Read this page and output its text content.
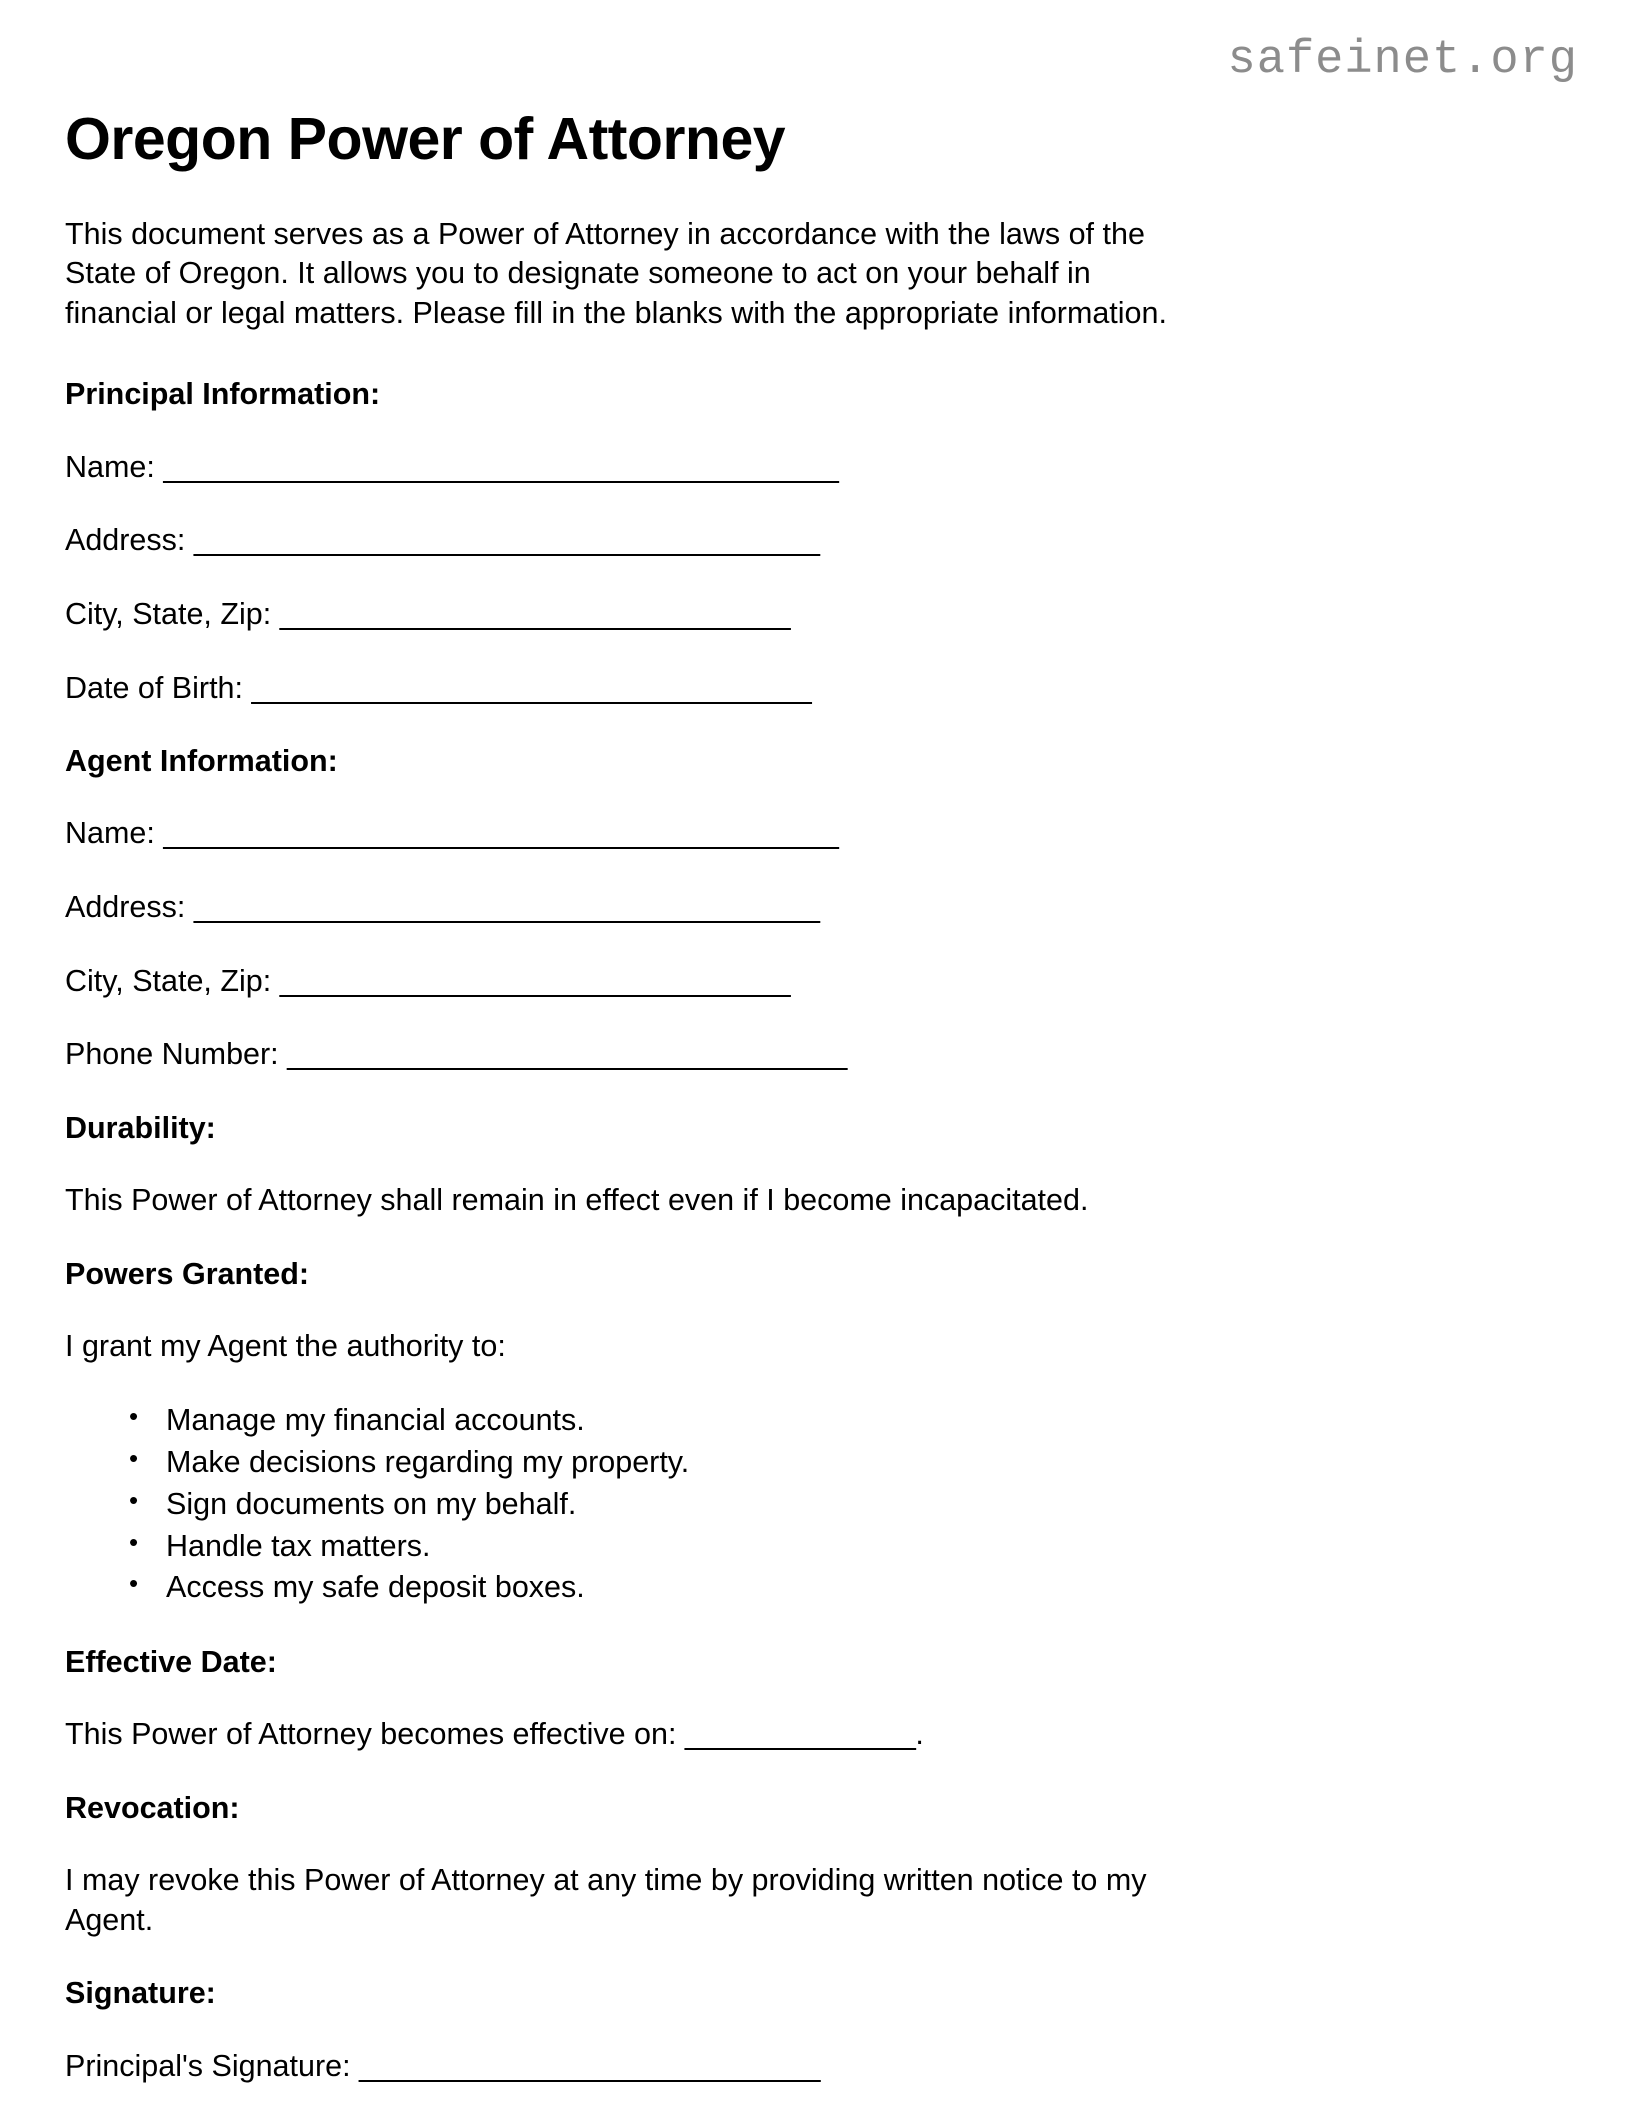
safeinet.org
Oregon Power of Attorney

This document serves as a Power of Attorney in accordance with the laws of the State of Oregon. It allows you to designate someone to act on your behalf in financial or legal matters. Please fill in the blanks with the appropriate information.

Principal Information:

Name: _________________________________________

Address: ______________________________________

City, State, Zip: _______________________________

Date of Birth: __________________________________

Agent Information:

Name: _________________________________________

Address: ______________________________________

City, State, Zip: _______________________________

Phone Number: __________________________________

Durability:

This Power of Attorney shall remain in effect even if I become incapacitated.

Powers Granted:

I grant my Agent the authority to:

• Manage my financial accounts.
• Make decisions regarding my property.
• Sign documents on my behalf.
• Handle tax matters.
• Access my safe deposit boxes.
Effective Date:

This Power of Attorney becomes effective on: ______________.

Revocation:

I may revoke this Power of Attorney at any time by providing written notice to my Agent.

Signature:

Principal's Signature: ____________________________
